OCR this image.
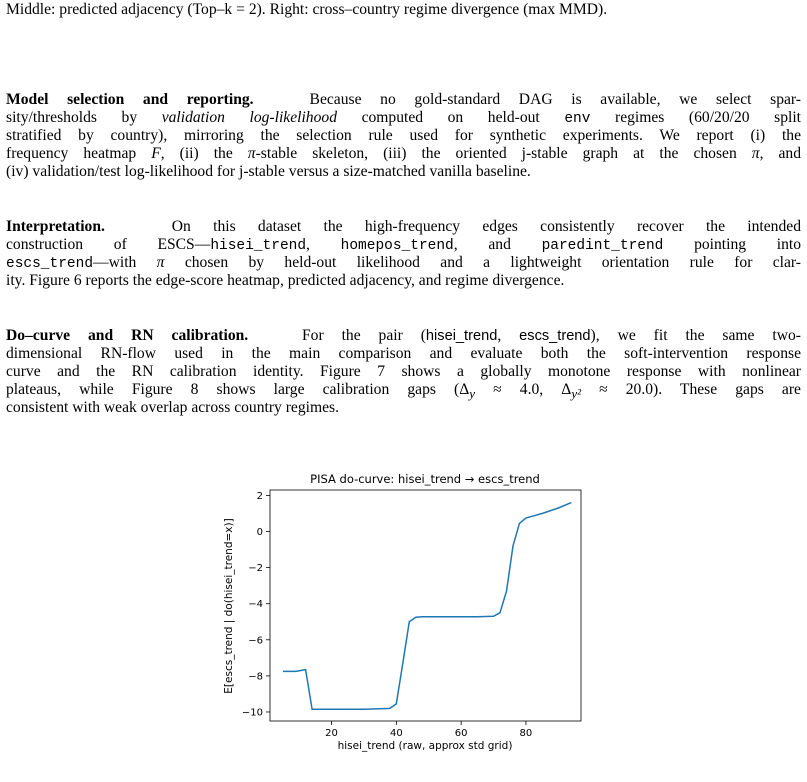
Middle: predicted adjacency (Top–k = 2). Right: cross–country regime divergence (max MMD).
Model selection and reporting.	Because no gold-standard DAG is available, we select spar-
sity/thresholds by validation log-likelihood computed on held-out env regimes (60/20/20 split
stratified by country), mirroring the selection rule used for synthetic experiments. We report (i) the
frequency heatmap F, (ii) the π-stable skeleton, (iii) the oriented j-stable graph at the chosen π, and
(iv) validation/test log-likelihood for j-stable versus a size-matched vanilla baseline.
Interpretation.	On this dataset the high-frequency edges consistently recover the intended
construction of ESCS—hisei_trend, homepos_trend, and paredint_trend pointing into
escs_trend—with π chosen by held-out likelihood and a lightweight orientation rule for clar-
ity. Figure 6 reports the edge-score heatmap, predicted adjacency, and regime divergence.
Do–curve and RN calibration.	For the pair (hisei_trend, escs_trend), we fit the same two-
dimensional RN-flow used in the main comparison and evaluate both the soft-intervention response
curve and the RN calibration identity. Figure 7 shows a globally monotone response with nonlinear
plateaus, while Figure 8 shows large calibration gaps ($\Delta_y \approx 4.0$, $\Delta_{y^2} \approx 20.0$). These gaps are
consistent with weak overlap across country regimes.
PISA do-curve: hisei_trend → escs_trend
2
0
−2
−4
−6
−8
−10
20	40	60	80
hisei_trend (raw, approx std grid)
E[escs_trend | do(hisei_trend=x)]
